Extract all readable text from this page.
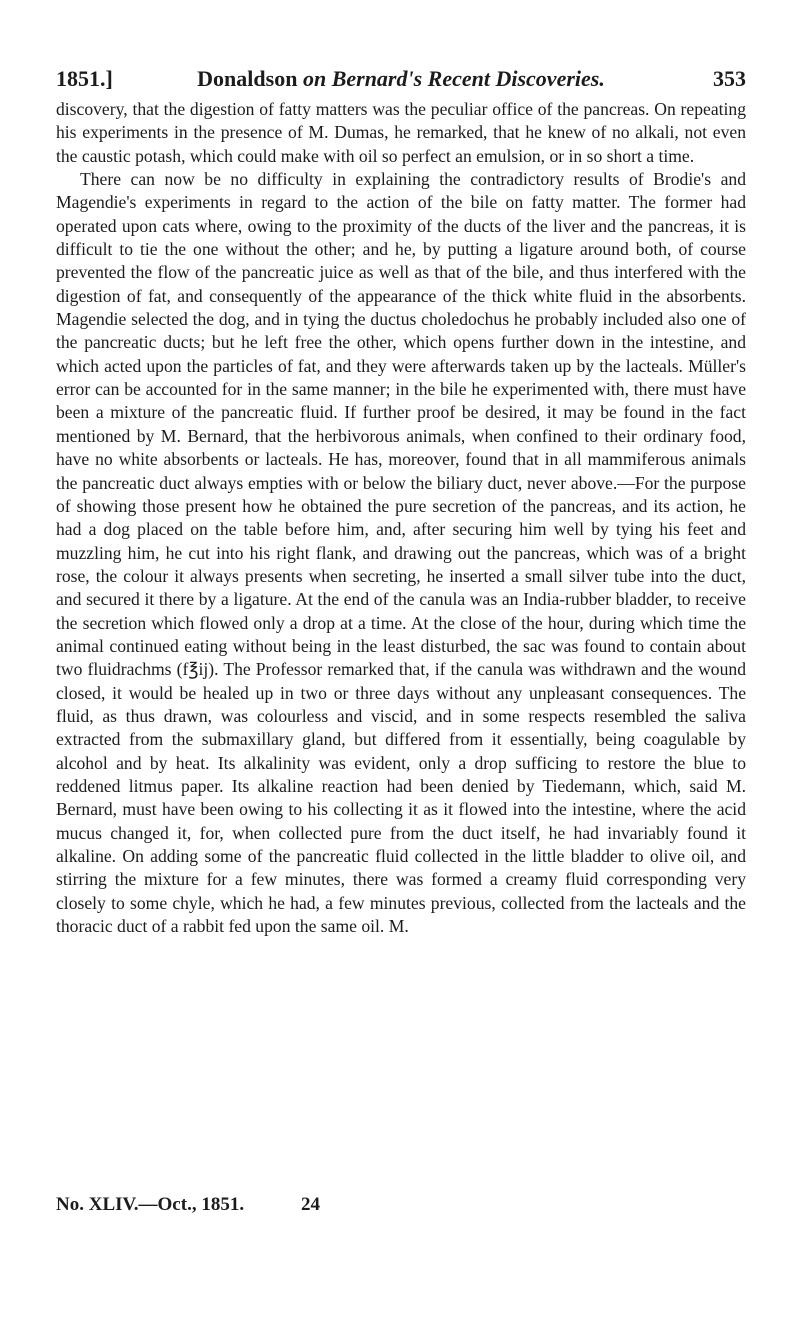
1851.]	Donaldson on Bernard's Recent Discoveries.	353

discovery, that the digestion of fatty matters was the peculiar office of the pancreas. On repeating his experiments in the presence of M. Dumas, he remarked, that he knew of no alkali, not even the caustic potash, which could make with oil so perfect an emulsion, or in so short a time.

There can now be no difficulty in explaining the contradictory results of Brodie's and Magendie's experiments in regard to the action of the bile on fatty matter. The former had operated upon cats where, owing to the proximity of the ducts of the liver and the pancreas, it is difficult to tie the one without the other; and he, by putting a ligature around both, of course prevented the flow of the pancreatic juice as well as that of the bile, and thus interfered with the digestion of fat, and consequently of the appearance of the thick white fluid in the absorbents. Magendie selected the dog, and in tying the ductus choledochus he probably included also one of the pancreatic ducts; but he left free the other, which opens further down in the intestine, and which acted upon the particles of fat, and they were afterwards taken up by the lacteals. Müller's error can be accounted for in the same manner; in the bile he experimented with, there must have been a mixture of the pancreatic fluid. If further proof be desired, it may be found in the fact mentioned by M. Bernard, that the herbivorous animals, when confined to their ordinary food, have no white absorbents or lacteals. He has, moreover, found that in all mammiferous animals the pancreatic duct always empties with or below the biliary duct, never above.—For the purpose of showing those present how he obtained the pure secretion of the pancreas, and its action, he had a dog placed on the table before him, and, after securing him well by tying his feet and muzzling him, he cut into his right flank, and drawing out the pancreas, which was of a bright rose, the colour it always presents when secreting, he inserted a small silver tube into the duct, and secured it there by a ligature. At the end of the canula was an India-rubber bladder, to receive the secretion which flowed only a drop at a time. At the close of the hour, during which time the animal continued eating without being in the least disturbed, the sac was found to contain about two fluidrachms (f℥ij). The Professor remarked that, if the canula was withdrawn and the wound closed, it would be healed up in two or three days without any unpleasant consequences. The fluid, as thus drawn, was colourless and viscid, and in some respects resembled the saliva extracted from the submaxillary gland, but differed from it essentially, being coagulable by alcohol and by heat. Its alkalinity was evident, only a drop sufficing to restore the blue to reddened litmus paper. Its alkaline reaction had been denied by Tiedemann, which, said M. Bernard, must have been owing to his collecting it as it flowed into the intestine, where the acid mucus changed it, for, when collected pure from the duct itself, he had invariably found it alkaline. On adding some of the pancreatic fluid collected in the little bladder to olive oil, and stirring the mixture for a few minutes, there was formed a creamy fluid corresponding very closely to some chyle, which he had, a few minutes previous, collected from the lacteals and the thoracic duct of a rabbit fed upon the same oil. M.

No. XLIV.—Oct., 1851.	24
